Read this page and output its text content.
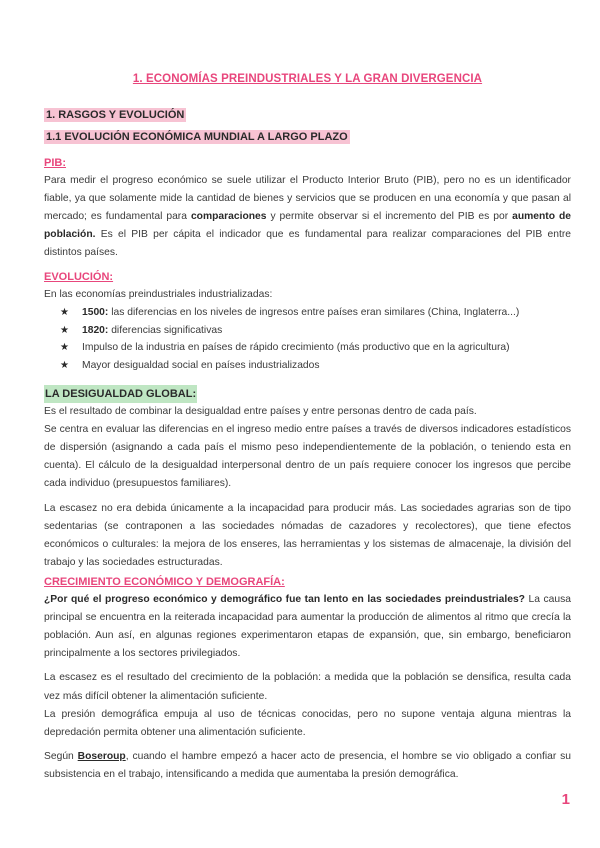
1. ECONOMÍAS PREINDUSTRIALES Y LA GRAN DIVERGENCIA
1. RASGOS Y EVOLUCIÓN
1.1 EVOLUCIÓN ECONÓMICA MUNDIAL A LARGO PLAZO

PIB:

Para medir el progreso económico se suele utilizar el Producto Interior Bruto (PIB), pero no es un identificador fiable, ya que solamente mide la cantidad de bienes y servicios que se producen en una economía y que pasan al mercado; es fundamental para comparaciones y permite observar si el incremento del PIB es por aumento de población. Es el PIB per cápita el indicador que es fundamental para realizar comparaciones del PIB entre distintos países.

EVOLUCIÓN:

En las economías preindustriales industrializadas:

★ 1500: las diferencias en los niveles de ingresos entre países eran similares (China, Inglaterra...)
★ 1820: diferencias significativas
★ Impulso de la industria en países de rápido crecimiento (más productivo que en la agricultura)
★ Mayor desigualdad social en países industrializados

LA DESIGUALDAD GLOBAL:

Es el resultado de combinar la desigualdad entre países y entre personas dentro de cada país.

Se centra en evaluar las diferencias en el ingreso medio entre países a través de diversos indicadores estadísticos de dispersión (asignando a cada país el mismo peso independientemente de la población, o teniendo esta en cuenta). El cálculo de la desigualdad interpersonal dentro de un país requiere conocer los ingresos que percibe cada individuo (presupuestos familiares).

La escasez no era debida únicamente a la incapacidad para producir más. Las sociedades agrarias son de tipo sedentarias (se contraponen a las sociedades nómadas de cazadores y recolectores), que tiene efectos económicos o culturales: la mejora de los enseres, las herramientas y los sistemas de almacenaje, la división del trabajo y las sociedades estructuradas.

CRECIMIENTO ECONÓMICO Y DEMOGRAFÍA:

¿Por qué el progreso económico y demográfico fue tan lento en las sociedades preindustriales? La causa principal se encuentra en la reiterada incapacidad para aumentar la producción de alimentos al ritmo que crecía la población. Aun así, en algunas regiones experimentaron etapas de expansión, que, sin embargo, beneficiaron principalmente a los sectores privilegiados.

La escasez es el resultado del crecimiento de la población: a medida que la población se densifica, resulta cada vez más difícil obtener la alimentación suficiente.

La presión demográfica empuja al uso de técnicas conocidas, pero no supone ventaja alguna mientras la depredación permita obtener una alimentación suficiente.

Según Boseroup, cuando el hambre empezó a hacer acto de presencia, el hombre se vio obligado a confiar su subsistencia en el trabajo, intensificando a medida que aumentaba la presión demográfica.

1
